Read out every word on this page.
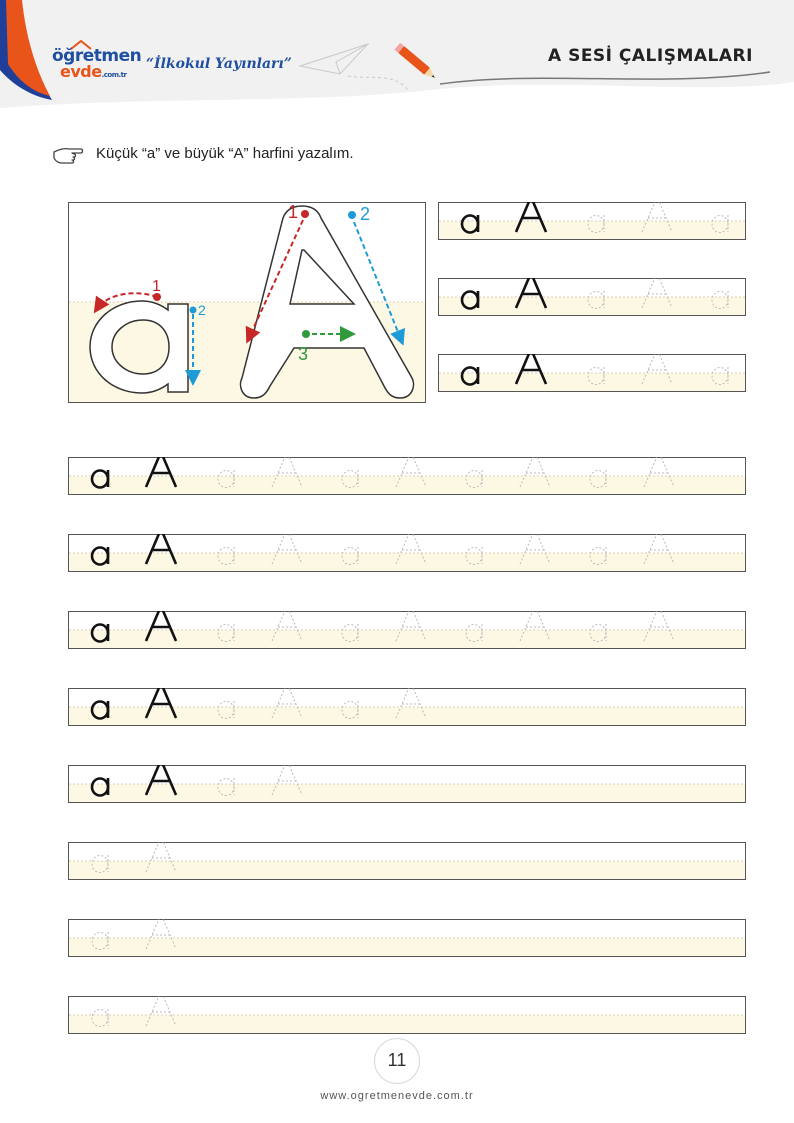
öğretmen
evde.com.tr
“İlkokul Yayınları”	A SESİ ÇALIŞMALARI
Küçük “a” ve büyük “A” harfini yazalım.
1
2
1	2
3
11
www.ogretmenevde.com.tr
